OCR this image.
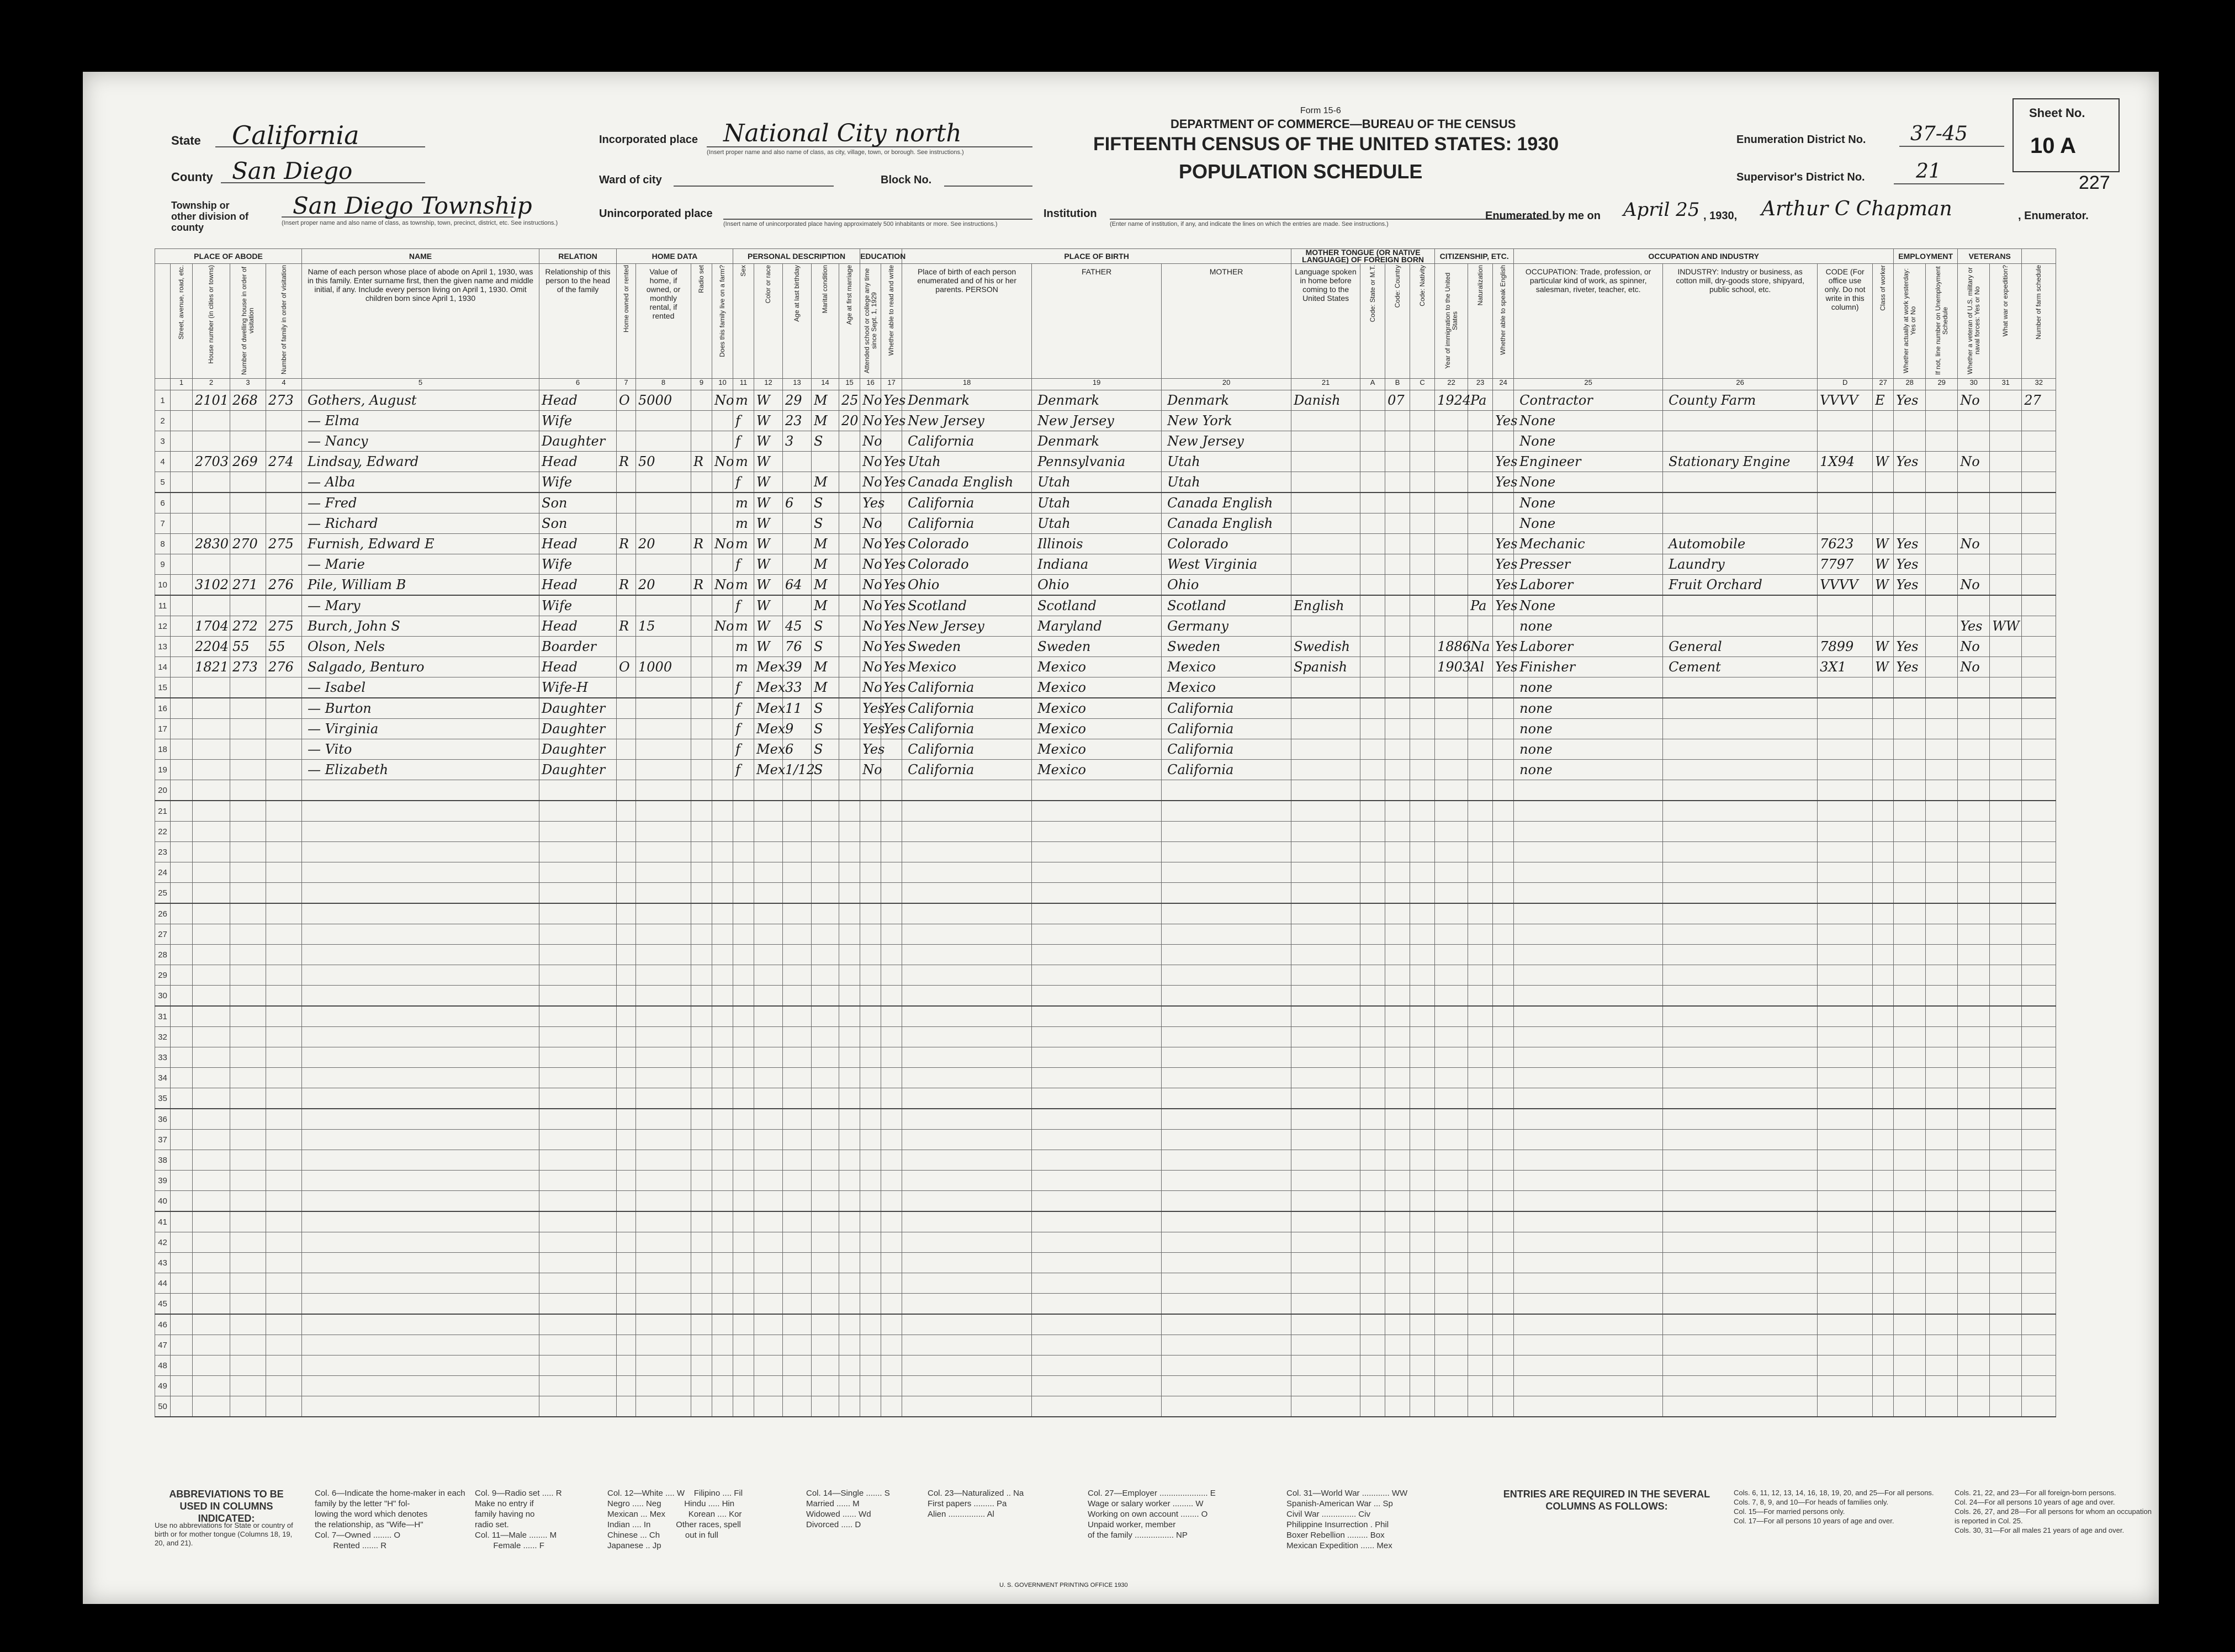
Form 15-6
DEPARTMENT OF COMMERCE—BUREAU OF THE CENSUS
FIFTEENTH CENSUS OF THE UNITED STATES: 1930
POPULATION SCHEDULE
State California
County San Diego
Township or other division of county
San Diego Township
(Insert proper name and also name of class, as township, town, precinct, district, etc. See instructions.)
Incorporated place National City north
(Insert proper name and also name of class, as city, village, town, or borough. See instructions.)
Ward of city	Block No.
Unincorporated place
(Insert name of unincorporated place having approximately 500 inhabitants or more. See instructions.)
Institution
(Enter name of institution, if any, and indicate the lines on which the entries are made. See instructions.)
Enumeration District No. 37-45
Supervisor's District No.	21
Enumerated by me on April 25 , 1930, Arthur C Chapman	, Enumerator.
Sheet No.
10 A
227
PLACE OF ABODE					NAME	RELATION	HOME DATA				PERSONAL DESCRIPTION					EDUCATION		PLACE OF BIRTH			MOTHER TONGUE (OR NATIVE LANGUAGE) OF FOREIGN BORN				CITIZENSHIP, ETC.			OCCUPATION AND INDUSTRY				EMPLOYMENT		VETERANS		
	Street, avenue, road, etc.	House number (in cities or towns)	Number of dwelling house in order of visitation	Number of family in order of visitation	Name of each person whose place of abode on April 1, 1930, was in this family. Enter surname first, then the given name and middle initial, if any. Include every person living on April 1, 1930. Omit children born since April 1, 1930	Relationship of this person to the head of the family	Home owned or rented	Value of home, if owned, or monthly rental, if rented	Radio set	Does this family live on a farm?	Sex	Color or race	Age at last birthday	Marital condition	Age at first marriage	Attended school or college any time since Sept. 1, 1929	Whether able to read and write	Place of birth of each person enumerated and of his or her parents. PERSON	FATHER	MOTHER	Language spoken in home before coming to the United States	Code: State or M.T.	Code: Country	Code: Nativity	Year of immigration to the United States	Naturalization	Whether able to speak English	OCCUPATION: Trade, profession, or particular kind of work, as spinner, salesman, riveter, teacher, etc.	INDUSTRY: Industry or business, as cotton mill, dry-goods store, shipyard, public school, etc.	CODE (For office use only. Do not write in this column)	Class of worker	Whether actually at work yesterday: Yes or No	If not, line number on Unemployment Schedule	Whether a veteran of U.S. military or naval forces: Yes or No	What war or expedition?	Number of farm schedule
	1	2	3	4	5	6	7	8	9	10	11	12	13	14	15	16	17	18	19	20	21	A	B	C	22	23	24	25	26	D	27	28	29	30	31	32
1		2101	268	273	Gothers, August	Head	O	5000		No	m	W	29	M	25	No	Yes	Denmark	Denmark	Denmark	Danish		07		1924	Pa		Contractor	County Farm	VVVV	E	Yes		No		27
2					— Elma	Wife					f	W	23	M	20	No	Yes	New Jersey	New Jersey	New York							Yes	None								
3					— Nancy	Daughter					f	W	3	S		No		California	Denmark	New Jersey								None								
4		2703	269	274	Lindsay, Edward	Head	R	50	R	No	m	W				No	Yes	Utah	Pennsylvania	Utah							Yes	Engineer	Stationary Engine	1X94	W	Yes		No		
5					— Alba	Wife					f	W		M		No	Yes	Canada English	Utah	Utah							Yes	None								
6					— Fred	Son					m	W	6	S		Yes		California	Utah	Canada English								None								
7					— Richard	Son					m	W		S		No		California	Utah	Canada English								None								
8		2830	270	275	Furnish, Edward E	Head	R	20	R	No	m	W		M		No	Yes	Colorado	Illinois	Colorado							Yes	Mechanic	Automobile	7623	W	Yes		No		
9					— Marie	Wife					f	W		M		No	Yes	Colorado	Indiana	West Virginia							Yes	Presser	Laundry	7797	W	Yes				
10		3102	271	276	Pile, William B	Head	R	20	R	No	m	W	64	M		No	Yes	Ohio	Ohio	Ohio							Yes	Laborer	Fruit Orchard	VVVV	W	Yes		No		
11					— Mary	Wife					f	W		M		No	Yes	Scotland	Scotland	Scotland	English					Pa	Yes	None								
12		1704	272	275	Burch, John S	Head	R	15		No	m	W	45	S		No	Yes	New Jersey	Maryland	Germany								none						Yes	WW	
13		2204	55	55	Olson, Nels	Boarder					m	W	76	S		No	Yes	Sweden	Sweden	Sweden	Swedish				1886	Na	Yes	Laborer	General	7899	W	Yes		No		
14		1821	273	276	Salgado, Benturo	Head	O	1000			m	Mex	39	M		No	Yes	Mexico	Mexico	Mexico	Spanish				1903	Al	Yes	Finisher	Cement	3X1	W	Yes		No		
15					— Isabel	Wife-H					f	Mex	33	M		No	Yes	California	Mexico	Mexico								none								
16					— Burton	Daughter					f	Mex	11	S		Yes	Yes	California	Mexico	California								none								
17					— Virginia	Daughter					f	Mex	9	S		Yes	Yes	California	Mexico	California								none								
18					— Vito	Daughter					f	Mex	6	S		Yes		California	Mexico	California								none								
19					— Elizabeth	Daughter					f	Mex	1/12	S		No		California	Mexico	California								none								
20																																				
21																																				
22																																				
23																																				
24																																				
25																																				
26																																				
27																																				
28																																				
29																																				
30																																				
31																																				
32																																				
33																																				
34																																				
35																																				
36																																				
37																																				
38																																				
39																																				
40																																				
41																																				
42																																				
43																																				
44																																				
45																																				
46																																				
47																																				
48																																				
49																																				
50																																				
ABBREVIATIONS TO BE USED IN COLUMNS INDICATED:
Use no abbreviations for State or country of birth or for mother tongue (Columns 18, 19, 20, and 21).
Col. 6—Indicate the home-maker in each
family by the letter "H" fol-
lowing the word which denotes
the relationship, as "Wife—H"
Col. 7—Owned ........ O
Rented ....... R
Col. 9—Radio set ..... R
Make no entry if
family having no
radio set.
Col. 11—Male ........ M
Female ...... F
Col. 12—White .... W    Filipino .... Fil
Negro ..... Neg          Hindu ..... Hin
Mexican ... Mex          Korean .... Kor
Indian .... In           Other races, spell
Chinese ... Ch           out in full
Japanese .. Jp
Col. 14—Single ....... S
Married ...... M
Widowed ...... Wd
Divorced ..... D
Col. 23—Naturalized .. Na
First papers ......... Pa
Alien ................ Al
Col. 27—Employer ..................... E
Wage or salary worker ......... W
Working on own account ........ O
Unpaid worker, member
of the family ................. NP
Col. 31—World War ............ WW
Spanish-American War ... Sp
Civil War ............... Civ
Philippine Insurrection . Phil
Boxer Rebellion ......... Box
Mexican Expedition ...... Mex
ENTRIES ARE REQUIRED IN THE SEVERAL COLUMNS AS FOLLOWS:
Cols. 6, 11, 12, 13, 14, 16, 18, 19, 20, and 25—For all persons.
Cols. 7, 8, 9, and 10—For heads of families only.
Col. 15—For married persons only.
Col. 17—For all persons 10 years of age and over.
Cols. 21, 22, and 23—For all foreign-born persons.
Col. 24—For all persons 10 years of age and over.
Cols. 26, 27, and 28—For all persons for whom an occupation
is reported in Col. 25.
Cols. 30, 31—For all males 21 years of age and over.
U. S. GOVERNMENT PRINTING OFFICE 1930
